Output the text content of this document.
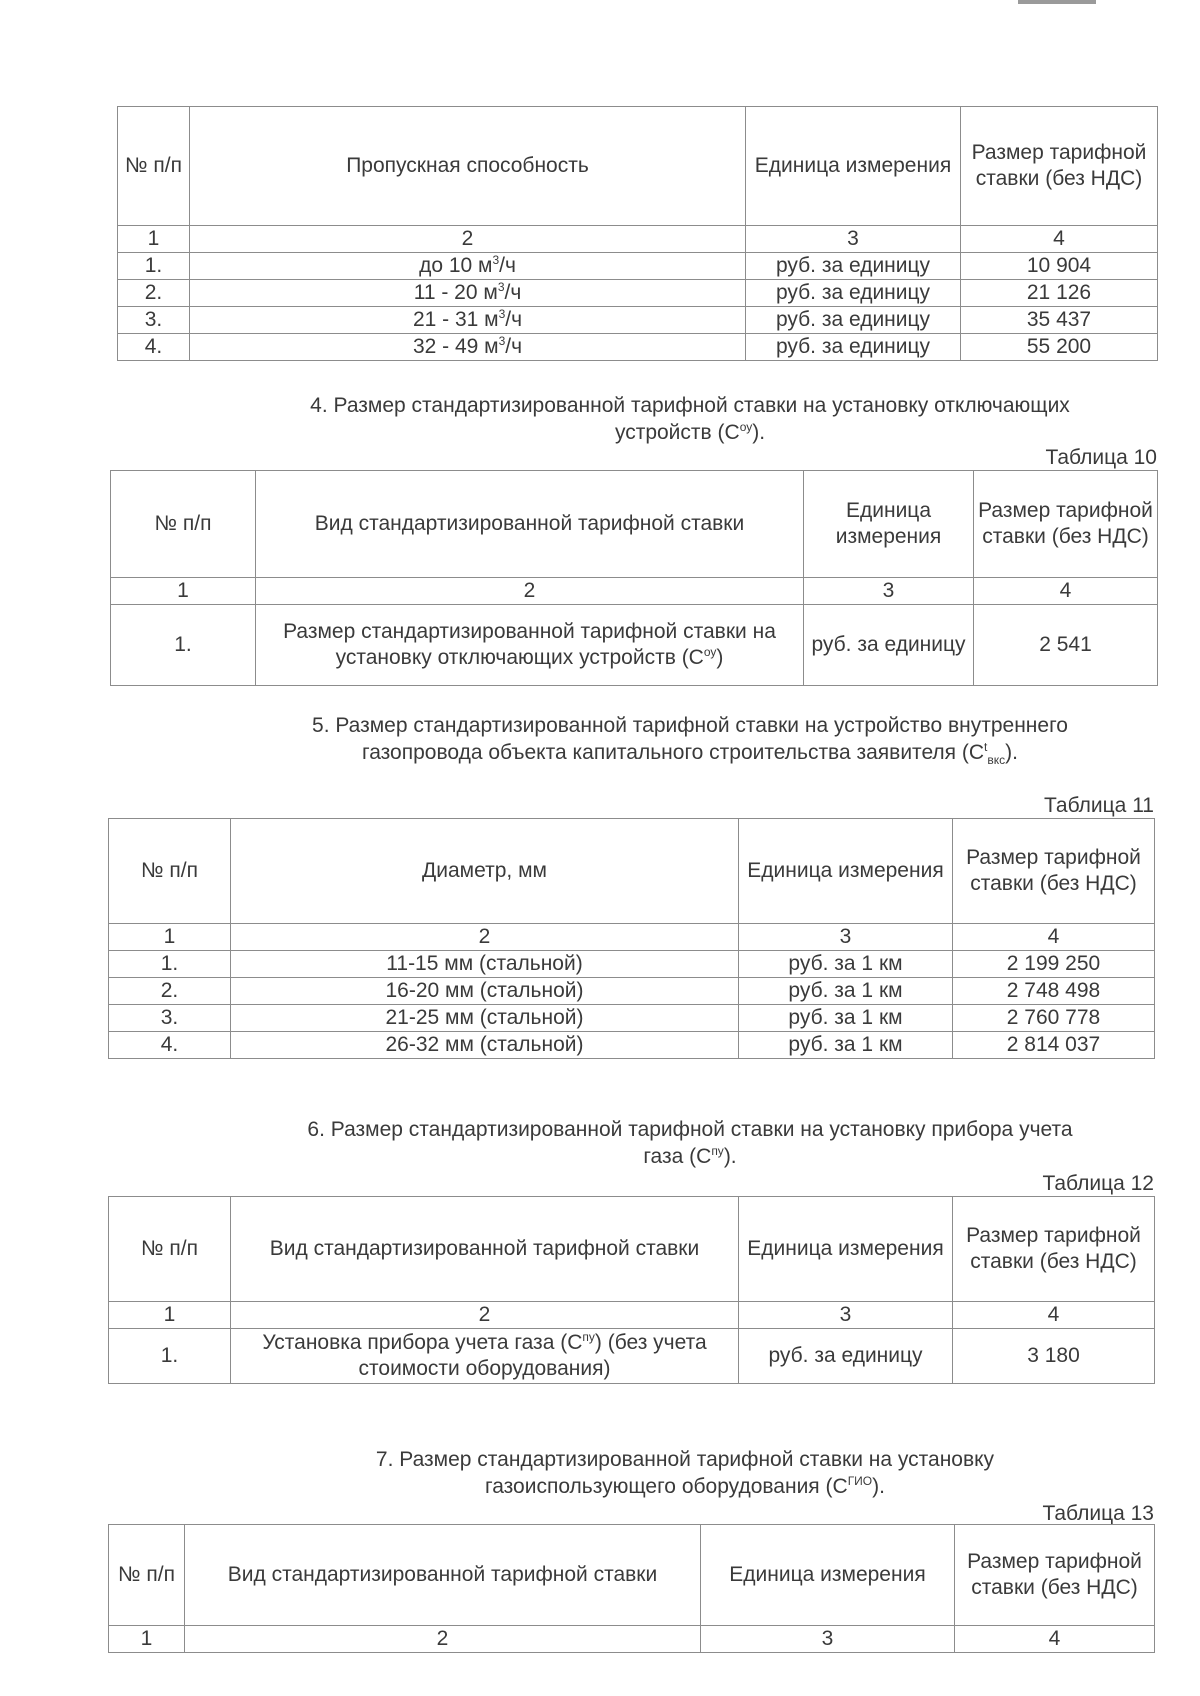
№ п/п	Пропускная способность	Единица измерения	Размер тарифной ставки (без НДС)
1	2	3	4
1.	до 10 $м^3/ч$	руб. за единицу	10 904
2.	11 - 20 $м^3/ч$	руб. за единицу	21 126
3.	21 - 31 $м^3/ч$	руб. за единицу	35 437
4.	32 - 49 $м^3/ч$	руб. за единицу	55 200
4. Размер стандартизированной тарифной ставки на установку отключающих
устройств $(С^{оу})$.
Таблица 10
№ п/п	Вид стандартизированной тарифной ставки	Единица измерения	Размер тарифной ставки (без НДС)
1	2	3	4
1.	Размер стандартизированной тарифной ставки на установку отключающих устройств $(С^{оу})$	руб. за единицу	2 541
5. Размер стандартизированной тарифной ставки на устройство внутреннего
газопровода объекта капитального строительства заявителя $(С^t_{вкс})$.
Таблица 11
№ п/п	Диаметр, мм	Единица измерения	Размер тарифной ставки (без НДС)
1	2	3	4
1.	11-15 мм (стальной)	руб. за 1 км	2 199 250
2.	16-20 мм (стальной)	руб. за 1 км	2 748 498
3.	21-25 мм (стальной)	руб. за 1 км	2 760 778
4.	26-32 мм (стальной)	руб. за 1 км	2 814 037
6. Размер стандартизированной тарифной ставки на установку прибора учета
газа $(С^{пу})$.
Таблица 12
№ п/п	Вид стандартизированной тарифной ставки	Единица измерения	Размер тарифной ставки (без НДС)
1	2	3	4
1.	Установка прибора учета газа $(С^{пу})$ (без учета стоимости оборудования)	руб. за единицу	3 180
7. Размер стандартизированной тарифной ставки на установку
газоиспользующего оборудования $(С^{ГИО})$.
Таблица 13
№ п/п	Вид стандартизированной тарифной ставки	Единица измерения	Размер тарифной ставки (без НДС)
1	2	3	4
